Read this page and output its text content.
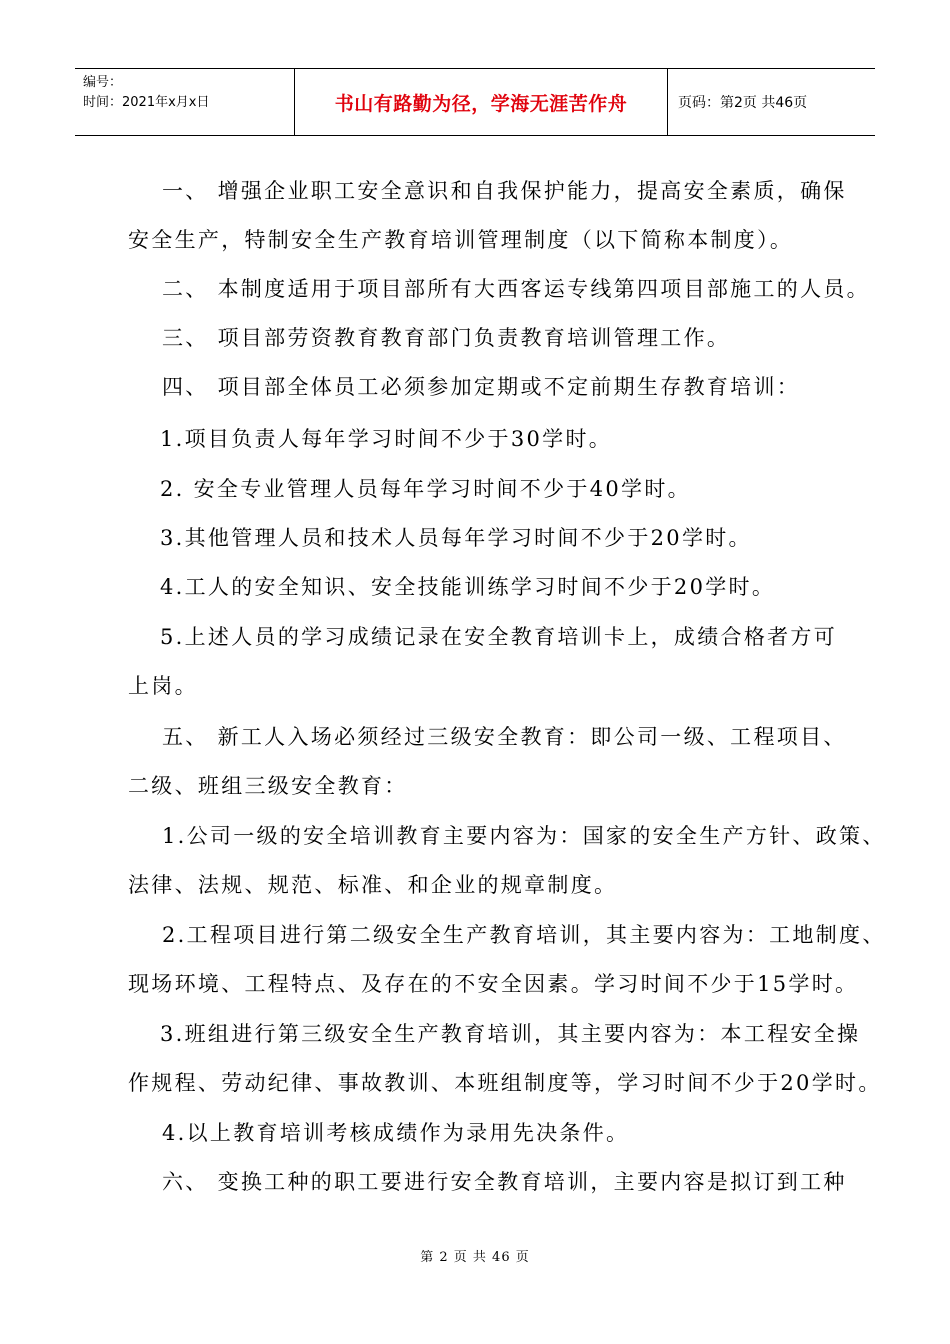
编号：
时间：2021年x月x日	书山有路勤为径，学海无涯苦作舟	页码：第2页 共46页
一、 增强企业职工安全意识和自我保护能力，提高安全素质，确保
安全生产，特制安全生产教育培训管理制度（以下简称本制度）。
二、 本制度适用于项目部所有大西客运专线第四项目部施工的人员。
三、 项目部劳资教育教育部门负责教育培训管理工作。
四、 项目部全体员工必须参加定期或不定前期生存教育培训：
1.项目负责人每年学习时间不少于30学时。
2. 安全专业管理人员每年学习时间不少于40学时。
3.其他管理人员和技术人员每年学习时间不少于20学时。
4.工人的安全知识、安全技能训练学习时间不少于20学时。
5.上述人员的学习成绩记录在安全教育培训卡上，成绩合格者方可
上岗。
五、 新工人入场必须经过三级安全教育：即公司一级、工程项目、
二级、班组三级安全教育：
1.公司一级的安全培训教育主要内容为：国家的安全生产方针、政策、
法律、法规、规范、标准、和企业的规章制度。
2.工程项目进行第二级安全生产教育培训，其主要内容为：工地制度、
现场环境、工程特点、及存在的不安全因素。学习时间不少于15学时。
3.班组进行第三级安全生产教育培训，其主要内容为：本工程安全操
作规程、劳动纪律、事故教训、本班组制度等，学习时间不少于20学时。
4.以上教育培训考核成绩作为录用先决条件。
六、 变换工种的职工要进行安全教育培训，主要内容是拟订到工种
第 2 页 共 46 页
